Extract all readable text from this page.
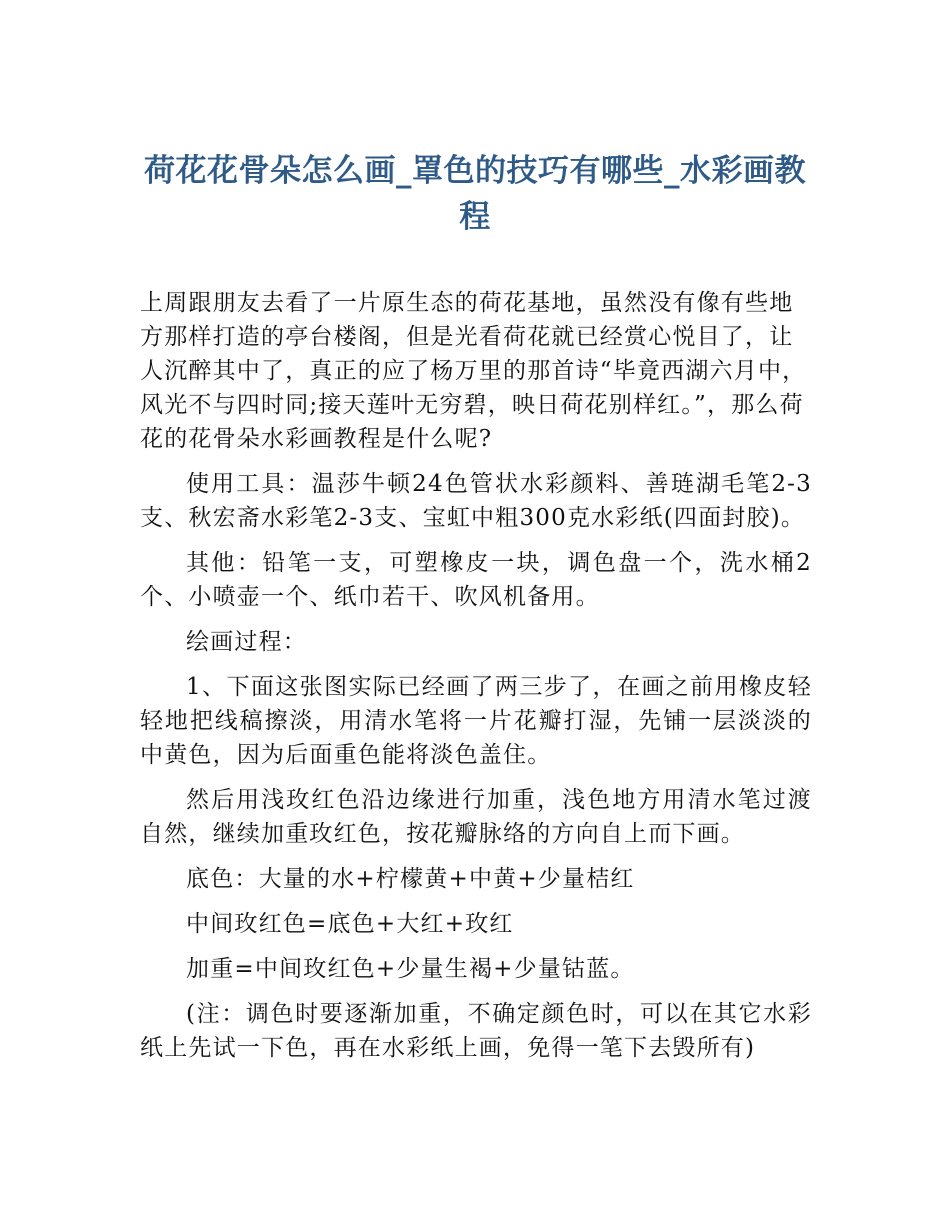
荷花花骨朵怎么画_罩色的技巧有哪些_水彩画教程

上周跟朋友去看了一片原生态的荷花基地，虽然没有像有些地方那样打造的亭台楼阁，但是光看荷花就已经赏心悦目了，让人沉醉其中了，真正的应了杨万里的那首诗“毕竟西湖六月中，风光不与四时同;接天莲叶无穷碧，映日荷花别样红。”，那么荷花的花骨朵水彩画教程是什么呢?

使用工具：温莎牛顿24色管状水彩颜料、善琏湖毛笔2-3支、秋宏斋水彩笔2-3支、宝虹中粗300克水彩纸(四面封胶)。

其他：铅笔一支，可塑橡皮一块，调色盘一个，洗水桶2个、小喷壶一个、纸巾若干、吹风机备用。

绘画过程：

1、下面这张图实际已经画了两三步了，在画之前用橡皮轻轻地把线稿擦淡，用清水笔将一片花瓣打湿，先铺一层淡淡的中黄色，因为后面重色能将淡色盖住。

然后用浅玫红色沿边缘进行加重，浅色地方用清水笔过渡自然，继续加重玫红色，按花瓣脉络的方向自上而下画。

底色：大量的水+柠檬黄+中黄+少量桔红

中间玫红色=底色+大红+玫红

加重=中间玫红色+少量生褐+少量钴蓝。

(注：调色时要逐渐加重，不确定颜色时，可以在其它水彩纸上先试一下色，再在水彩纸上画，免得一笔下去毁所有)
